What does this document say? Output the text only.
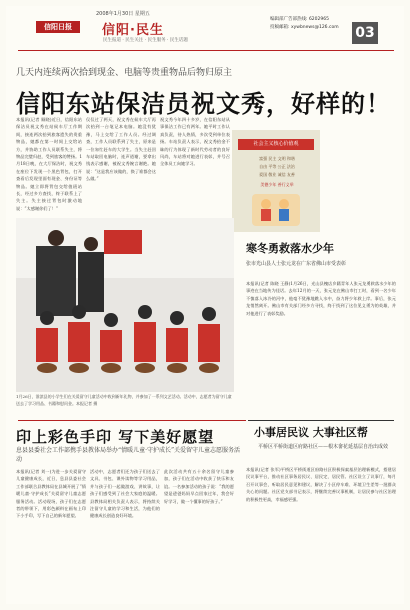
2008年1月30日 星期五
信阳日报	信阳·民生
民生报道 · 民生关注 · 民生服务 · 民生话题
编辑部广告部热线: 6202965
投稿邮箱: xywbnews@126.com 03
几天内连续两次拾到现金、电脑等贵重物品后物归原主
信阳东站保洁员祝文秀，好样的！
本报讯(记者 顾晓)近日，信阳东站保洁员祝文秀在站候车厅工作期间，接连两次拾到旅客遗失的贵重物品，她都在第一时间上交给站方，并协助工作人员联系失主，将物品完璧归赵，受到旅客的赞扬。1月18日晚，在大厅保洁时，祝文秀在座位下发现一个黑色背包，打开查看后发现里面有现金、身份证等物品。她立即将背包交给值班站长，经过多方查找，终于联系上了失主。失主接过背包时激动地说：“太感谢你们了！”
仅仅过了两天，祝文秀在候车大厅再次拾到一台笔记本电脑。她没有犹豫，马上交给了工作人员。经过调查，工作人员联系到了失主，原来是一位匆忙赶车的大学生。当失主赶回车站取回电脑时，连声道谢，要拿出钱表示感谢，被祝文秀婉言谢绝。她说：“这是我应该做的，换了谁都会这么做。”
祝文秀今年四十多岁，在信阳东站从事保洁工作已有两年。她平时工作认真负责，待人热情，多次受到单位表扬。车站负责人表示，祝文秀拾金不昧的行为体现了新时代劳动者的良好风尚，车站将对她进行表彰，并号召全体员工向她学习。
社会主义核心价值观
富强 民主 文明 和谐
自由 平等 公正 法治
爱国 敬业 诚信 友善
美德少年 善行义举
寒冬勇救落水少年
张市光山县人士张元龙在广东省佛山市受表彰
本报讯(记者 陈晓 王静)1月26日，光山县槐店乡籍青年人张元龙勇救落水少年的事迹在当地传为佳话。去年12月的一天，张元龙在佛山市打工时，看到一名少年不慎落入冰冷的河中，他毫不犹豫地跳入水中，奋力将少年救上岸。事后，张元龙悄然离开。佛山市有关部门经多方寻找，终于找到了这位见义勇为的英雄，并对他进行了表彰奖励。
1月26日，淮滨县的小学生们在关爱留守儿童活动中收到新年礼物，并参加了一系列文艺活动。活动中，志愿者为留守儿童送去了学习用品、书籍和慰问金。本报记者 摄
印上彩色手印 写下美好愿望
息县县委社会工作部携手县教体局举办“情暖儿童·守护成长”关爱留守儿童志愿服务活动
本报讯(记者 刘一)为进一步关爱留守儿童健康成长，近日，息县县委社会工作部联合县教体局在县城开展了“情暖儿童·守护成长”关爱留守儿童志愿服务活动。活动现场，孩子们在志愿者的带领下，用彩色颜料在画布上印下小手印，写下自己的新年愿望。
活动中，志愿者们还为孩子们送去了文具、书包、课外读物等学习用品，并与孩子们一起做游戏、讲故事，让孩子们感受到了社会大家庭的温暖。县教体局相关负责人表示，将持续关注留守儿童的学习和生活，为他们的健康成长创造良好环境。
此次活动共有五十余名留守儿童参加，孩子们在活动中收获了快乐和友谊。一名参加活动的孩子说：“我的愿望是爸爸妈妈早点回家过年，我会好好学习，做一个懂事的好孩子。”
小事居民议 大事社区帮
平桥区平桥街道区府路社区——根木畬花延基层自治出成效
本报讯(记者 张军)平桥区平桥街道区府路社区积极探索基层治理新模式，搭建居民议事平台，推动社区事务居民议、居民定、居民管。社区设立了议事厅，每月召开议事会，听取居民意见和建议，解决了小区停车难、环境卫生差等一批群众关心的问题。社区党支部书记表示，将继续完善议事机制，让居民参与社区治理的积极性更高，幸福感更强。
